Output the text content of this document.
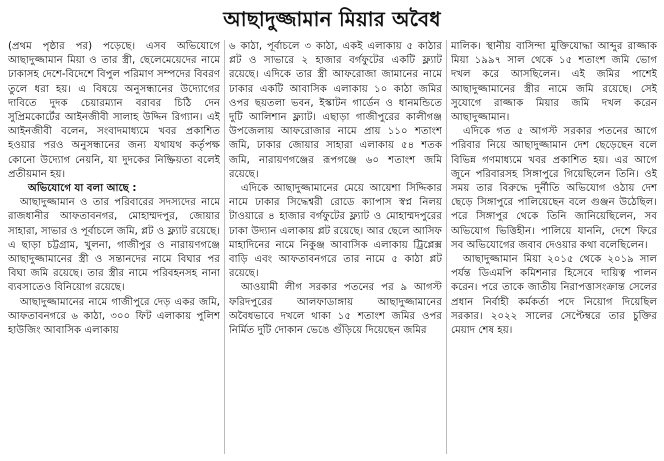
আছাদুজ্জামান মিয়ার অবৈধ

(প্রথম পৃষ্ঠার পর) পড়েছে। এসব অভিযোগে আছাদুজ্জামান মিয়া ও তার স্ত্রী, ছেলেমেয়েদের নামে ঢাকাসহ দেশে-বিদেশে বিপুল পরিমাণ সম্পদের বিবরণ তুলে ধরা হয়। এ বিষয়ে অনুসন্ধানের উদ্যোগের দাবিতে দুদক চেয়ারম্যান বরাবর চিঠি দেন সুপ্রিমকোর্টের আইনজীবী সালাহ উদ্দিন রিগ্যান। এই আইনজীবী বলেন, সংবাদমাধ্যমে খবর প্রকাশিত হওয়ার পরও অনুসন্ধানের জন্য যথাযথ কর্তৃপক্ষ কোনো উদ্যোগ নেয়নি, যা দুদকের নিষ্ক্রিয়তা বলেই প্রতীয়মান হয়।

অভিযোগে যা বলা আছে :

আছাদুজ্জামান ও তার পরিবারের সদস্যদের নামে রাজধানীর আফতাবনগর, মোহাম্মদপুর, জোয়ার সাহারা, সাভার ও পূর্বাচলে জমি, প্লট ও ফ্ল্যাট রয়েছে। এ ছাড়া চট্টগ্রাম, খুলনা, গাজীপুর ও নারায়ণগঞ্জে আছাদুজ্জামানের স্ত্রী ও সন্তানদের নামে বিঘার পর বিঘা জমি রয়েছে। তার স্ত্রীর নামে পরিবহনসহ নানা ব্যবসাতেও বিনিয়োগ রয়েছে।

আছাদুজ্জামানের নামে গাজীপুরে দেড় একর জমি, আফতাবনগরে ৬ কাঠা, ৩০০ ফিট এলাকায় পুলিশ হাউজিং আবাসিক এলাকায়

৬ কাঠা, পূর্বাচলে ৩ কাঠা, একই এলাকায় ৫ কাঠার প্লট ও সাভারে ২ হাজার বর্গফুটের একটি ফ্ল্যাট রয়েছে। এদিকে তার স্ত্রী আফরোজা জামানের নামে ঢাকার একটি আবাসিক এলাকায় ১০ কাঠা জমির ওপর ছয়তলা ভবন, ইস্কাটন গার্ডেন ও ধানমন্ডিতে দুটি আলিশান ফ্ল্যাট। এছাড়া গাজীপুরের কালীগঞ্জ উপজেলায় আফরোজার নামে প্রায় ১১০ শতাংশ জমি, ঢাকার জোয়ার সাহারা এলাকায় ৫৪ শতক জমি, নারায়ণগঞ্জের রূপগঞ্জে ৬০ শতাংশ জমি রয়েছে।

এদিকে আছাদুজ্জামানের মেয়ে আয়েশা সিদ্দিকার নামে ঢাকার সিদ্ধেশ্বরী রোডে ক্যাপাস স্বপ্ন নিলয় টাওয়ারে ৪ হাজার বর্গফুটের ফ্ল্যাট ও মোহাম্মদপুরের ঢাকা উদ্যান এলাকায় প্লট রয়েছে। আর ছেলে আসিফ মাহাদিনের নামে নিকুঞ্জ আবাসিক এলাকায় ট্রিপ্লেক্স বাড়ি এবং আফতাবনগরে তার নামে ৫ কাঠা প্লট রয়েছে।

আওয়ামী লীগ সরকার পতনের পর ৯ আগস্ট ফরিদপুরের আলফাডাঙ্গায় আছাদুজ্জামানের অবৈধভাবে দখলে থাকা ১৫ শতাংশ জমির ওপর নির্মিত দুটি দোকান ভেঙে গুঁড়িয়ে দিয়েছেন জমির

মালিক। স্থানীয় বাসিন্দা মুক্তিযোদ্ধা আব্দুর রাজ্জাক মিয়া ১৯৯৭ সাল থেকে ১৫ শতাংশ জমি ভোগ দখল করে আসছিলেন। এই জমির পাশেই আছাদুজ্জামানের স্ত্রীর নামে জমি রয়েছে। সেই সুযোগে রাজ্জাক মিয়ার জমি দখল করেন আছাদুজ্জামান।

এদিকে গত ৫ আগস্ট সরকার পতনের আগে পরিবার নিয়ে আছাদুজ্জামান দেশ ছেড়েছেন বলে বিভিন্ন গণমাধ্যমে খবর প্রকাশিত হয়। এর আগে জুনে পরিবারসহ সিঙ্গাপুরে গিয়েছিলেন তিনি। ওই সময় তার বিরুদ্ধে দুর্নীতি অভিযোগ ওঠায় দেশ ছেড়ে সিঙ্গাপুরে পালিয়েছেন বলে গুঞ্জন উঠেছিল। পরে সিঙ্গাপুর থেকে তিনি জানিয়েছিলেন, সব অভিযোগ ভিত্তিহীন। পালিয়ে যাননি, দেশে ফিরে সব অভিযোগের জবাব দেওয়ার কথা বলেছিলেন।

আছাদুজ্জামান মিয়া ২০১৫ থেকে ২০১৯ সাল পর্যন্ত ডিএমপি কমিশনার হিসেবে দায়িত্ব পালন করেন। পরে তাকে জাতীয় নিরাপত্তাসংক্রান্ত সেলের প্রধান নির্বাহী কর্মকর্তা পদে নিয়োগ দিয়েছিল সরকার। ২০২২ সালের সেপ্টেম্বরে তার চুক্তির মেয়াদ শেষ হয়।
